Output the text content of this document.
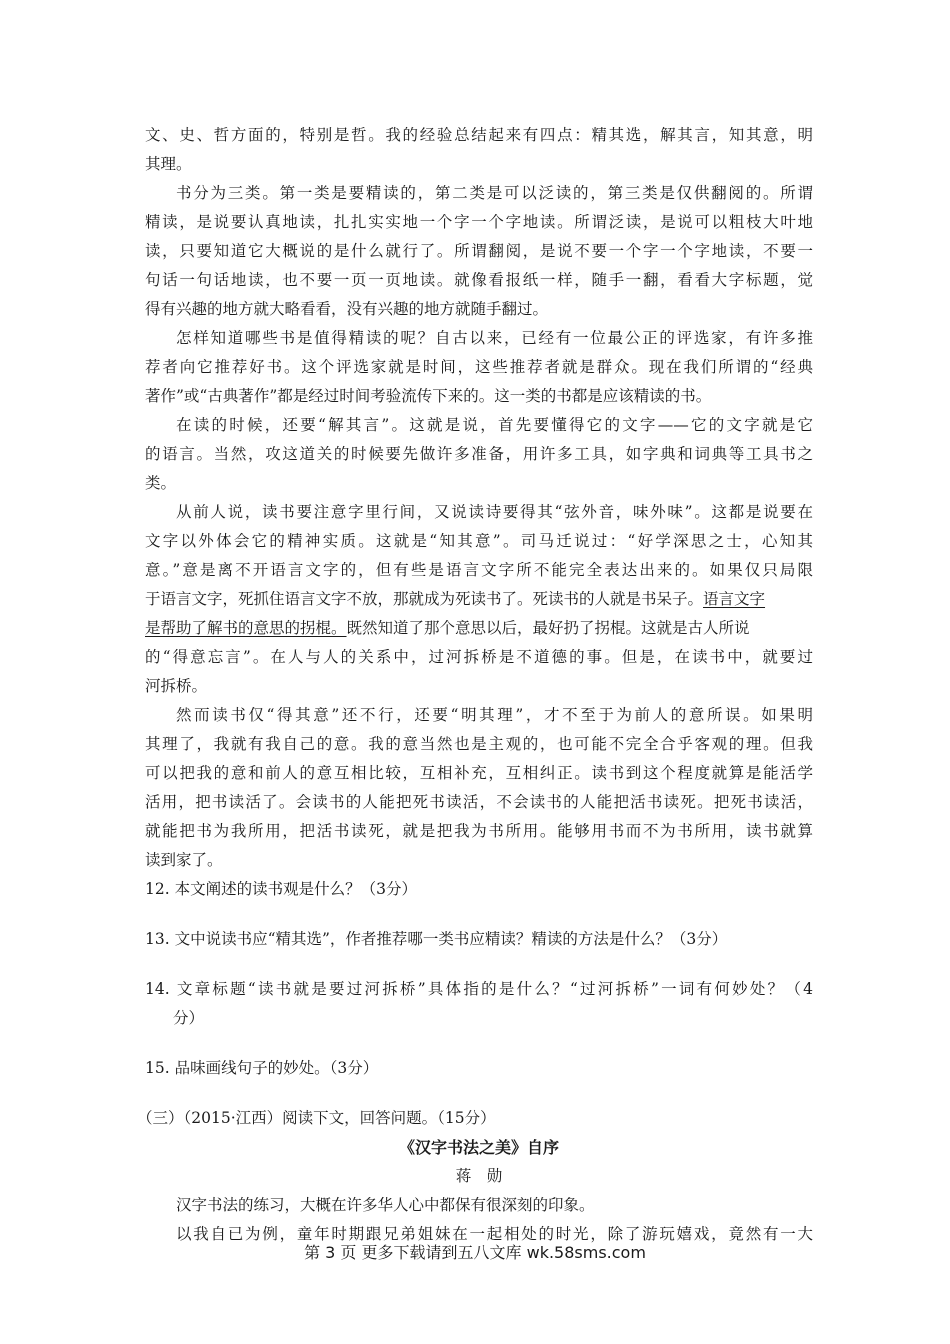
文、史、哲方面的，特别是哲。我的经验总结起来有四点：精其选，解其言，知其意，明
其理。
书分为三类。第一类是要精读的，第二类是可以泛读的，第三类是仅供翻阅的。所谓
精读，是说要认真地读，扎扎实实地一个字一个字地读。所谓泛读，是说可以粗枝大叶地
读，只要知道它大概说的是什么就行了。所谓翻阅，是说不要一个字一个字地读，不要一
句话一句话地读，也不要一页一页地读。就像看报纸一样，随手一翻，看看大字标题，觉
得有兴趣的地方就大略看看，没有兴趣的地方就随手翻过。
怎样知道哪些书是值得精读的呢？自古以来，已经有一位最公正的评选家，有许多推
荐者向它推荐好书。这个评选家就是时间，这些推荐者就是群众。现在我们所谓的“经典
著作”或“古典著作”都是经过时间考验流传下来的。这一类的书都是应该精读的书。
在读的时候，还要“解其言”。这就是说，首先要懂得它的文字——它的文字就是它
的语言。当然，攻这道关的时候要先做许多准备，用许多工具，如字典和词典等工具书之
类。
从前人说，读书要注意字里行间，又说读诗要得其“弦外音，味外味”。这都是说要在
文字以外体会它的精神实质。这就是“知其意”。司马迁说过：“好学深思之士，心知其
意。”意是离不开语言文字的，但有些是语言文字所不能完全表达出来的。如果仅只局限
于语言文字，死抓住语言文字不放，那就成为死读书了。死读书的人就是书呆子。语言文字
是帮助了解书的意思的拐棍。既然知道了那个意思以后，最好扔了拐棍。这就是古人所说
的“得意忘言”。在人与人的关系中，过河拆桥是不道德的事。但是，在读书中，就要过
河拆桥。
然而读书仅“得其意”还不行，还要“明其理”，才不至于为前人的意所误。如果明
其理了，我就有我自己的意。我的意当然也是主观的，也可能不完全合乎客观的理。但我
可以把我的意和前人的意互相比较，互相补充，互相纠正。读书到这个程度就算是能活学
活用，把书读活了。会读书的人能把死书读活，不会读书的人能把活书读死。把死书读活，
就能把书为我所用，把活书读死，就是把我为书所用。能够用书而不为书所用，读书就算
读到家了。
12. 本文阐述的读书观是什么？（3分）
13. 文中说读书应“精其选”，作者推荐哪一类书应精读？精读的方法是什么？（3分）
14. 文章标题“读书就是要过河拆桥”具体指的是什么？“过河拆桥”一词有何妙处？（4
分）
15. 品味画线句子的妙处。（3分）
（三）（2015·江西）阅读下文，回答问题。（15分）
《汉字书法之美》自序
蒋　勋
汉字书法的练习，大概在许多华人心中都保有很深刻的印象。
以我自已为例，童年时期跟兄弟姐妹在一起相处的时光，除了游玩嬉戏，竟然有一大
第 3 页 更多下载请到五八文库 wk.58sms.com
